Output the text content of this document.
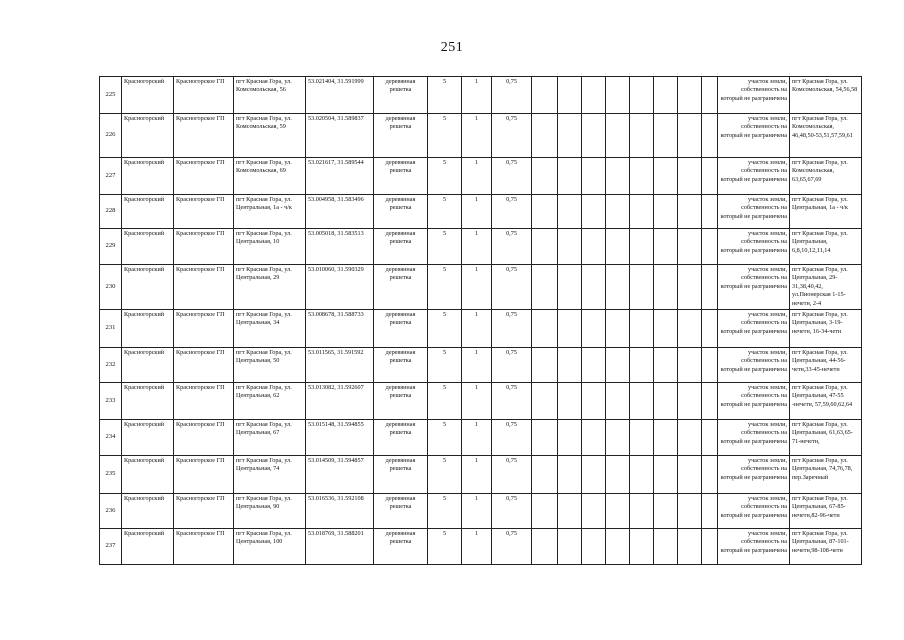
251
225	Красногорский	Красногорское ГП	пгт Красная Гора, ул. Комсомольская, 56	53.021404, 31.591999	деревянная решетка	5	1	0,75									участок земли, собственность на который не разграничена	пгт Красная Гора, ул. Комсомольская, 54,56,58

226	Красногорский	Красногорское ГП	пгт Красная Гора, ул. Комсомольская, 59	53.020504, 31.589837	деревянная решетка	5	1	0,75									участок земли, собственность на который не разграничена	пгт Красная Гора, ул. Комсомольская, 46,48,50-53,51,57,59,61

227	Красногорский	Красногорское ГП	пгт Красная Гора, ул. Комсомольская, 69	53.021617, 31.589544	деревянная решетка	5	1	0,75									участок земли, собственность на который не разграничена	пгт Красная Гора, ул. Комсомольская, 63,65,67,69

228	Красногорский	Красногорское ГП	пгт Красная Гора, ул. Центральная, 1а - ч/к	53.004958, 31.583496	деревянная решетка	5	1	0,75									участок земли, собственность на который не разграничена	пгт Красная Гора, ул. Центральная, 1а - ч/к

229	Красногорский	Красногорское ГП	пгт Красная Гора, ул. Центральная, 10	53.005018, 31.583513	деревянная решетка	5	1	0,75									участок земли, собственность на который не разграничена	пгт Красная Гора, ул. Центральная, 6,8,10,12,11,14

230	Красногорский	Красногорское ГП	пгт Красная Гора, ул. Центральная, 29	53.010060, 31.590329	деревянная решетка	5	1	0,75									участок земли, собственность на который не разграничена	пгт Красная Гора, ул. Центральная, 29-31,38,40,42, ул.Пионерская 1-15-нечетн, 2-4

231	Красногорский	Красногорское ГП	пгт Красная Гора, ул. Центральная, 34	53.008678, 31.588733	деревянная решетка	5	1	0,75									участок земли, собственность на который не разграничена	пгт Красная Гора, ул. Центральная, 3-19-нечетн, 16-34-четн

232	Красногорский	Красногорское ГП	пгт Красная Гора, ул. Центральная, 50	53.011565, 31.591592	деревянная решетка	5	1	0,75									участок земли, собственность на который не разграничена	пгт Красная Гора, ул. Центральная, 44-56-четн,33-45-нечетн

233	Красногорский	Красногорское ГП	пгт Красная Гора, ул. Центральная, 62	53.013082, 31.592607	деревянная решетка	5	1	0,75									участок земли, собственность на который не разграничена	пгт Красная Гора, ул. Центральная, 47-55 -нечетн, 57,59,60,62,64

234	Красногорский	Красногорское ГП	пгт Красная Гора, ул. Центральная, 67	53.015148, 31.594855	деревянная решетка	5	1	0,75									участок земли, собственность на который не разграничена	пгт Красная Гора, ул. Центральная, 61,63,65-71-нечетн,

235	Красногорский	Красногорское ГП	пгт Красная Гора, ул. Центральная, 74	53.014509, 31.594857	деревянная решетка	5	1	0,75									участок земли, собственность на который не разграничена	пгт Красная Гора, ул. Центральная, 74,76,78, пер.Заречный

236	Красногорский	Красногорское ГП	пгт Красная Гора, ул. Центральная, 90	53.016536, 31.592108	деревянная решетка	5	1	0,75									участок земли, собственность на который не разграничена	пгт Красная Гора, ул. Центральная, 67-85-нечетн,82-96-четн

237	Красногорский	Красногорское ГП	пгт Красная Гора, ул. Центральная, 100	53.018769, 31.588201	деревянная решетка	5	1	0,75									участок земли, собственность на который не разграничена	пгт Красная Гора, ул. Центральная, 87-101-нечетн,98-108-четн
